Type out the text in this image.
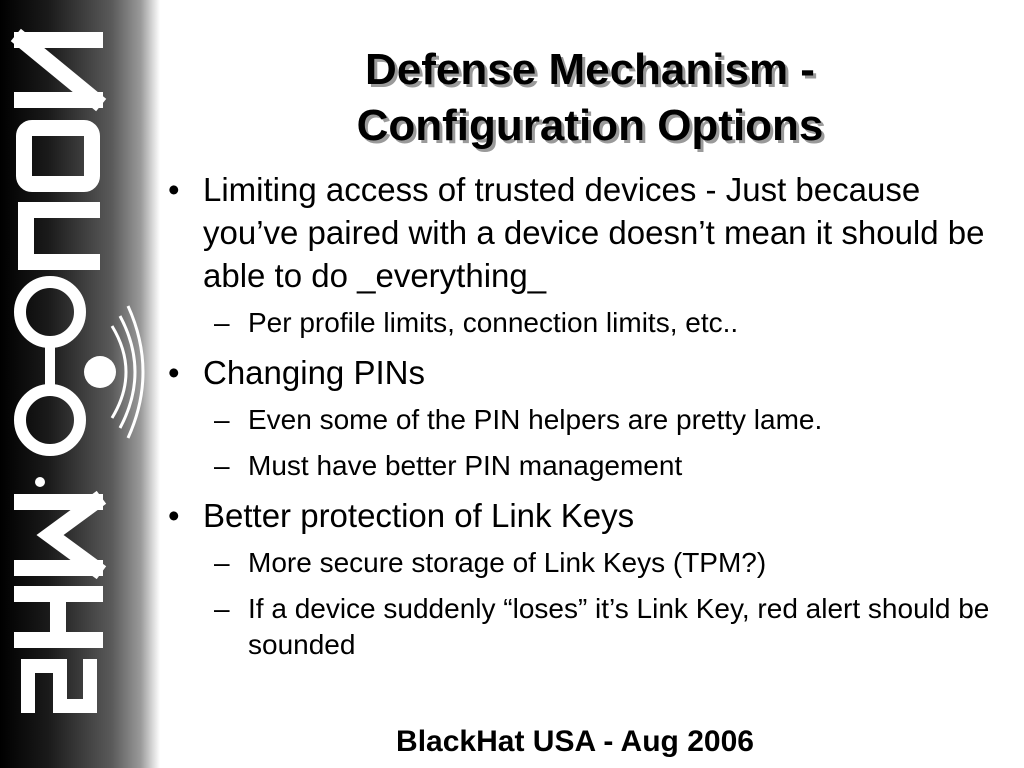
Defense Mechanism -
Configuration Options
• Limiting access of trusted devices - Just because you’ve paired with a device doesn’t mean it should be able to do _everything_
– Per profile limits, connection limits, etc..
• Changing PINs
– Even some of the PIN helpers are pretty lame.
– Must have better PIN management
• Better protection of Link Keys
– More secure storage of Link Keys (TPM?)
– If a device suddenly “loses” it’s Link Key, red alert should be sounded
BlackHat USA - Aug 2006
